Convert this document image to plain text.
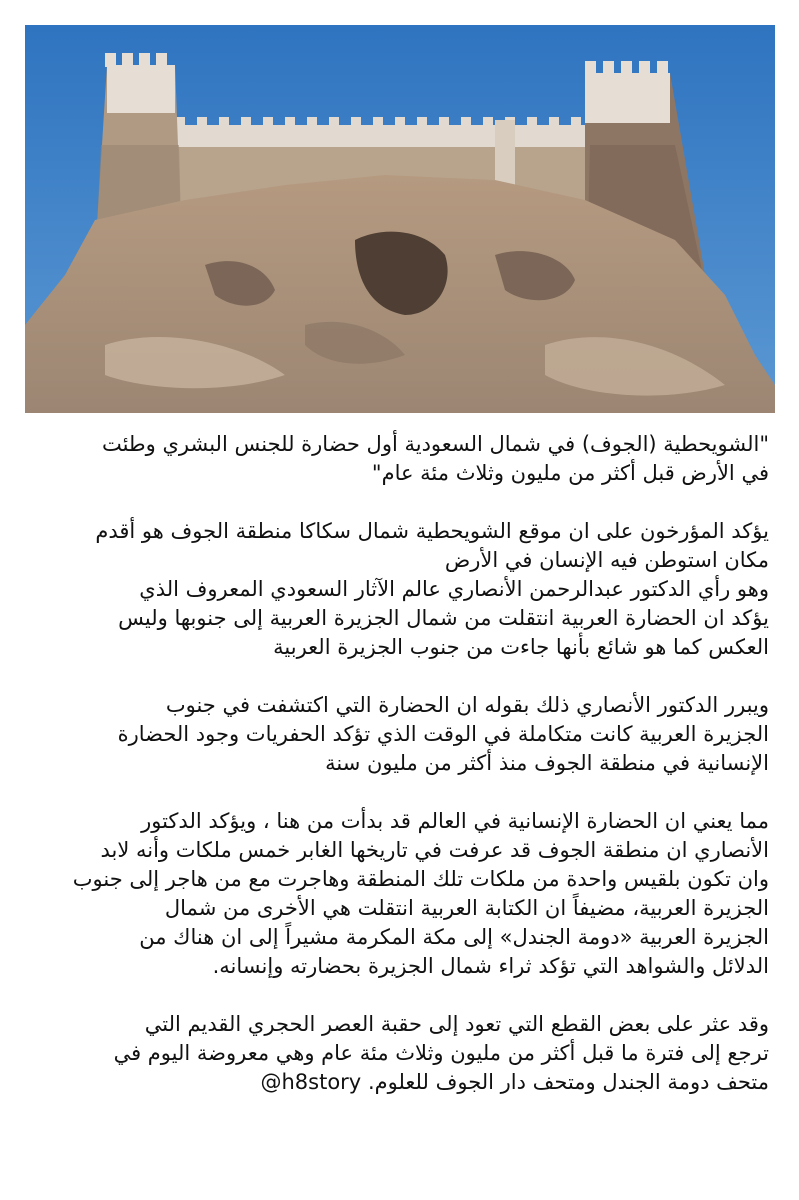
"الشويحطية (الجوف) في شمال السعودية أول حضارة للجنس البشري وطئت
في الأرض قبل أكثر من مليون وثلاث مئة عام"

يؤكد المؤرخون على ان موقع الشويحطية شمال سكاكا منطقة الجوف هو أقدم
مكان استوطن فيه الإنسان في الأرض
وهو رأي الدكتور عبدالرحمن الأنصاري عالم الآثار السعودي المعروف الذي
يؤكد ان الحضارة العربية انتقلت من شمال الجزيرة العربية إلى جنوبها وليس
العكس كما هو شائع بأنها جاءت من جنوب الجزيرة العربية

ويبرر الدكتور الأنصاري ذلك بقوله ان الحضارة التي اكتشفت في جنوب
الجزيرة العربية كانت متكاملة في الوقت الذي تؤكد الحفريات وجود الحضارة
الإنسانية في منطقة الجوف منذ أكثر من مليون سنة

مما يعني ان الحضارة الإنسانية في العالم قد بدأت من هنا ، ويؤكد الدكتور
الأنصاري ان منطقة الجوف قد عرفت في تاريخها الغابر خمس ملكات وأنه لابد
وان تكون بلقيس واحدة من ملكات تلك المنطقة وهاجرت مع من هاجر إلى جنوب
الجزيرة العربية، مضيفاً ان الكتابة العربية انتقلت هي الأخرى من شمال
الجزيرة العربية «دومة الجندل» إلى مكة المكرمة مشيراً إلى ان هناك من
الدلائل والشواهد التي تؤكد ثراء شمال الجزيرة بحضارته وإنسانه.

وقد عثر على بعض القطع التي تعود إلى حقبة العصر الحجري القديم التي
ترجع إلى فترة ما قبل أكثر من مليون وثلاث مئة عام وهي معروضة اليوم في
متحف دومة الجندل ومتحف دار الجوف للعلوم. @h8story
